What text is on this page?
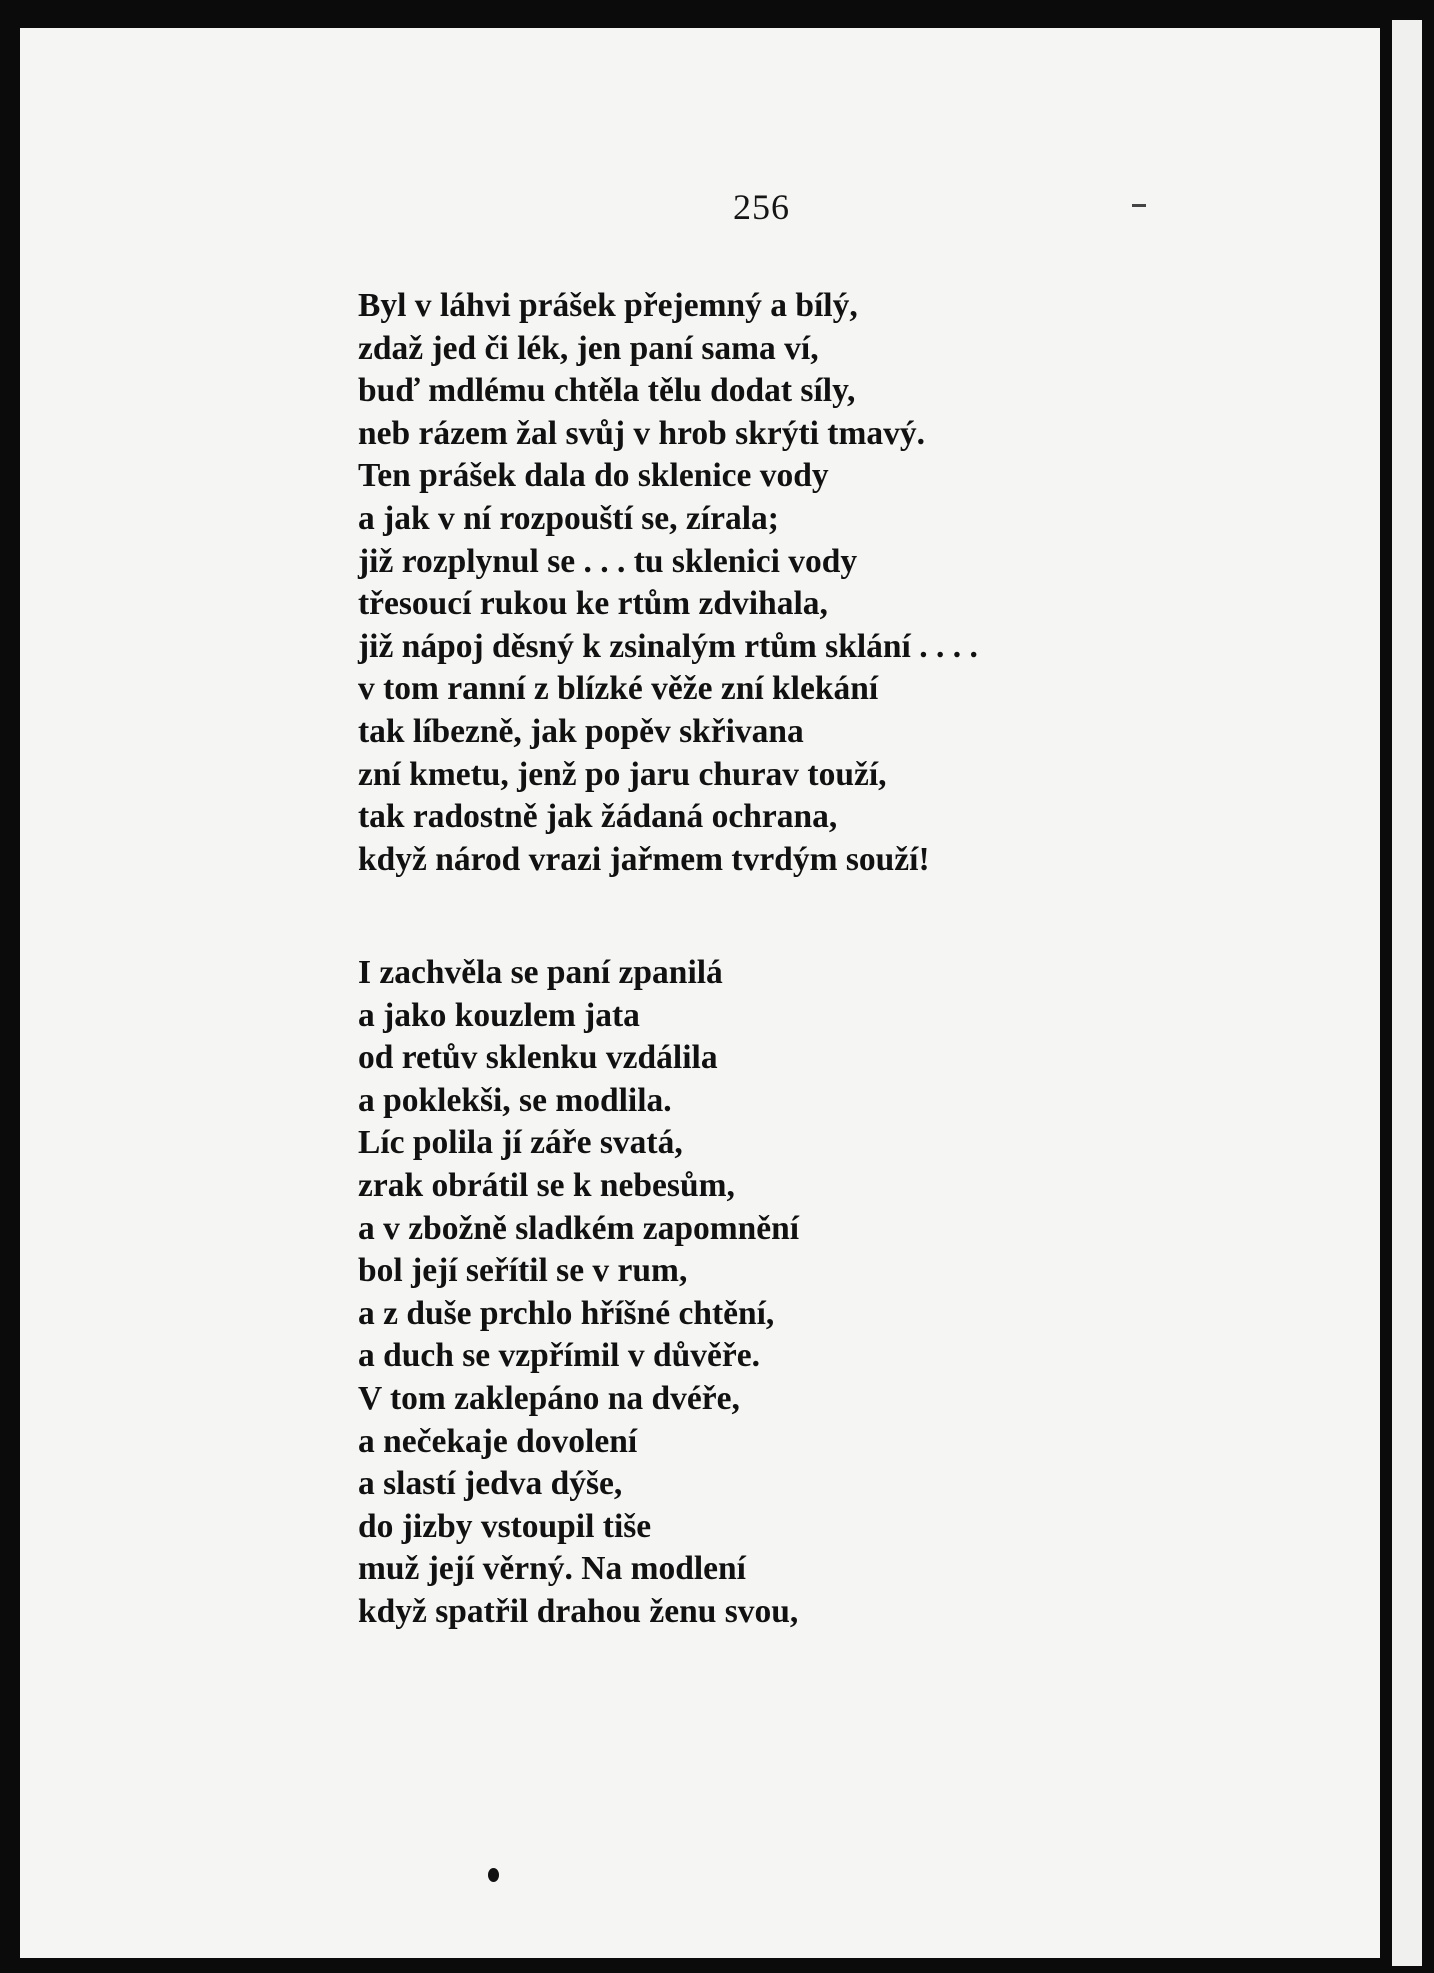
256
Byl v láhvi prášek přejemný a bílý,
zdaž jed či lék, jen paní sama ví,
buď mdlému chtěla tělu dodat síly,
neb rázem žal svůj v hrob skrýti tmavý.
Ten prášek dala do sklenice vody
a jak v ní rozpouští se, zírala;
již rozplynul se . . . tu sklenici vody
třesoucí rukou ke rtům zdvihala,
již nápoj děsný k zsinalým rtům sklání . . . .
v tom ranní z blízké věže zní klekání
tak líbezně, jak popěv skřivana
zní kmetu, jenž po jaru churav touží,
tak radostně jak žádaná ochrana,
když národ vrazi jařmem tvrdým souží!
I zachvěla se paní zpanilá
a jako kouzlem jata
od retův sklenku vzdálila
a poklekši, se modlila.
Líc polila jí záře svatá,
zrak obrátil se k nebesům,
a v zbožně sladkém zapomnění
bol její seřítil se v rum,
a z duše prchlo hříšné chtění,
a duch se vzpřímil v důvěře.
V tom zaklepáno na dvéře,
a nečekaje dovolení
a slastí jedva dýše,
do jizby vstoupil tiše
muž její věrný. Na modlení
když spatřil drahou ženu svou,
